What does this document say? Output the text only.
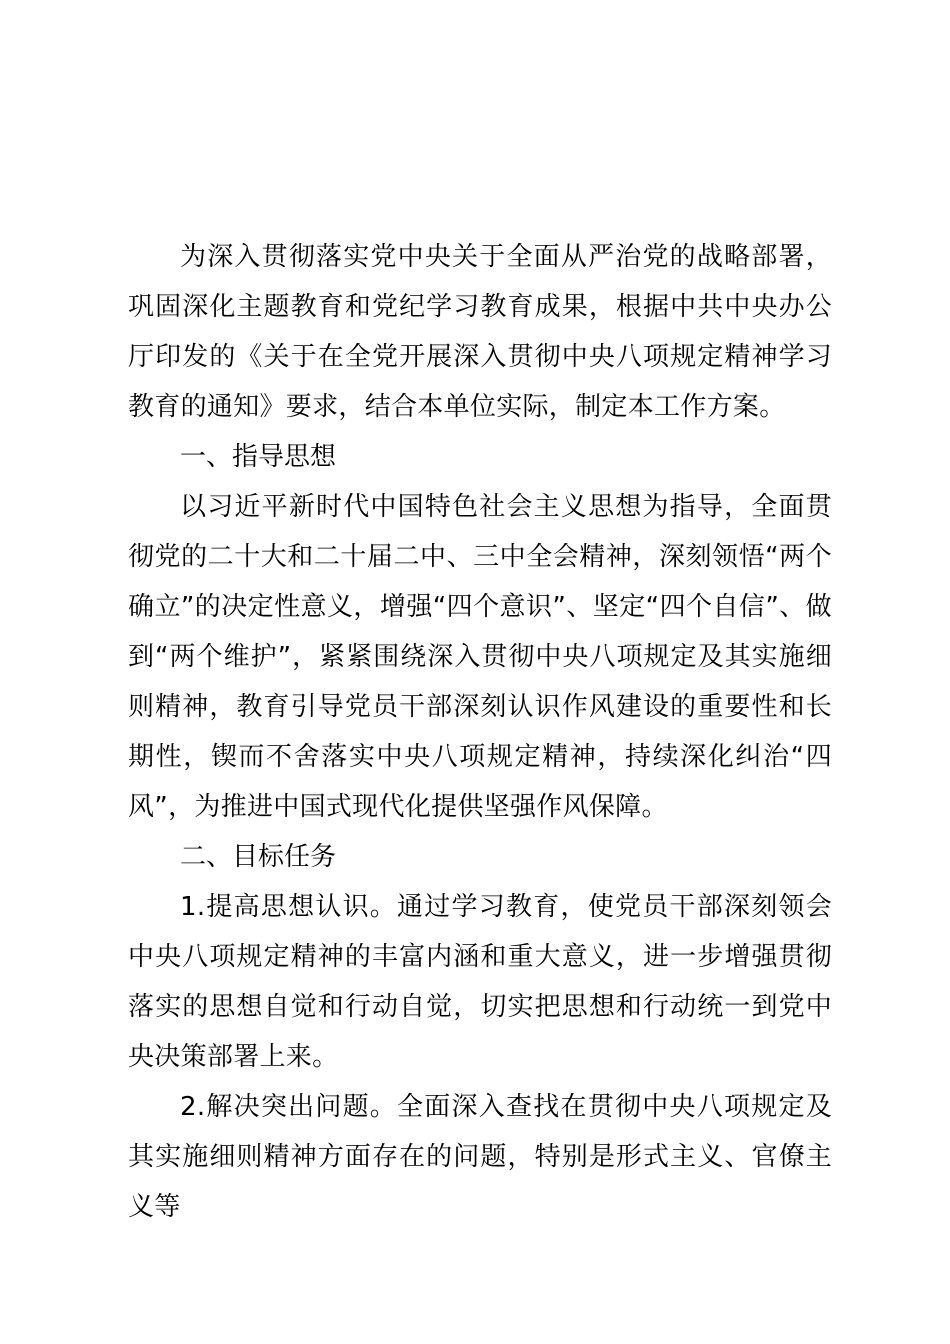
为深入贯彻落实党中央关于全面从严治党的战略部署，巩固深化主题教育和党纪学习教育成果，根据中共中央办公厅印发的《关于在全党开展深入贯彻中央八项规定精神学习教育的通知》要求，结合本单位实际，制定本工作方案。

一、指导思想

以习近平新时代中国特色社会主义思想为指导，全面贯彻党的二十大和二十届二中、三中全会精神，深刻领悟“两个确立”的决定性意义，增强“四个意识”、坚定“四个自信”、做到“两个维护”，紧紧围绕深入贯彻中央八项规定及其实施细则精神，教育引导党员干部深刻认识作风建设的重要性和长期性，锲而不舍落实中央八项规定精神，持续深化纠治“四风”，为推进中国式现代化提供坚强作风保障。

二、目标任务

1.提高思想认识。通过学习教育，使党员干部深刻领会中央八项规定精神的丰富内涵和重大意义，进一步增强贯彻落实的思想自觉和行动自觉，切实把思想和行动统一到党中央决策部署上来。

2.解决突出问题。全面深入查找在贯彻中央八项规定及其实施细则精神方面存在的问题，特别是形式主义、官僚主义等
